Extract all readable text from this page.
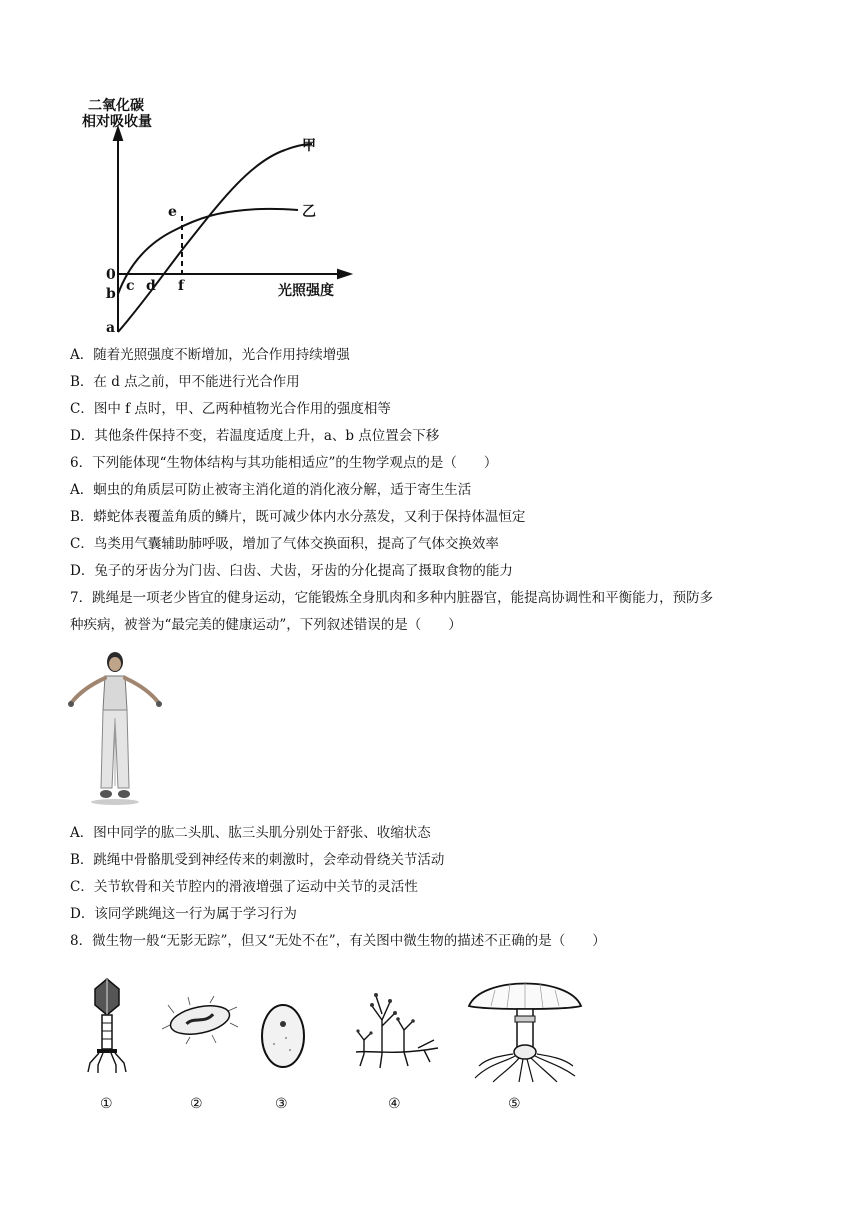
二氧化碳
相对吸收量
甲
乙
e
0
b c d f
a
光照强度
A．随着光照强度不断增加，光合作用持续增强
B．在 d 点之前，甲不能进行光合作用
C．图中 f 点时，甲、乙两种植物光合作用的强度相等
D．其他条件保持不变，若温度适度上升，a、b 点位置会下移
6．下列能体现“生物体结构与其功能相适应”的生物学观点的是（　　）
A．蛔虫的角质层可防止被寄主消化道的消化液分解，适于寄生生活
B．蟒蛇体表覆盖角质的鳞片，既可减少体内水分蒸发，又利于保持体温恒定
C．鸟类用气囊辅助肺呼吸，增加了气体交换面积，提高了气体交换效率
D．兔子的牙齿分为门齿、臼齿、犬齿，牙齿的分化提高了摄取食物的能力
7．跳绳是一项老少皆宜的健身运动，它能锻炼全身肌肉和多种内脏器官，能提高协调性和平衡能力，预防多
种疾病，被誉为“最完美的健康运动”，下列叙述错误的是（　　）
A．图中同学的肱二头肌、肱三头肌分别处于舒张、收缩状态
B．跳绳中骨骼肌受到神经传来的刺激时，会牵动骨绕关节活动
C．关节软骨和关节腔内的滑液增强了运动中关节的灵活性
D．该同学跳绳这一行为属于学习行为
8．微生物一般“无影无踪”，但又“无处不在”，有关图中微生物的描述不正确的是（　　）
①	②	③	④	⑤
